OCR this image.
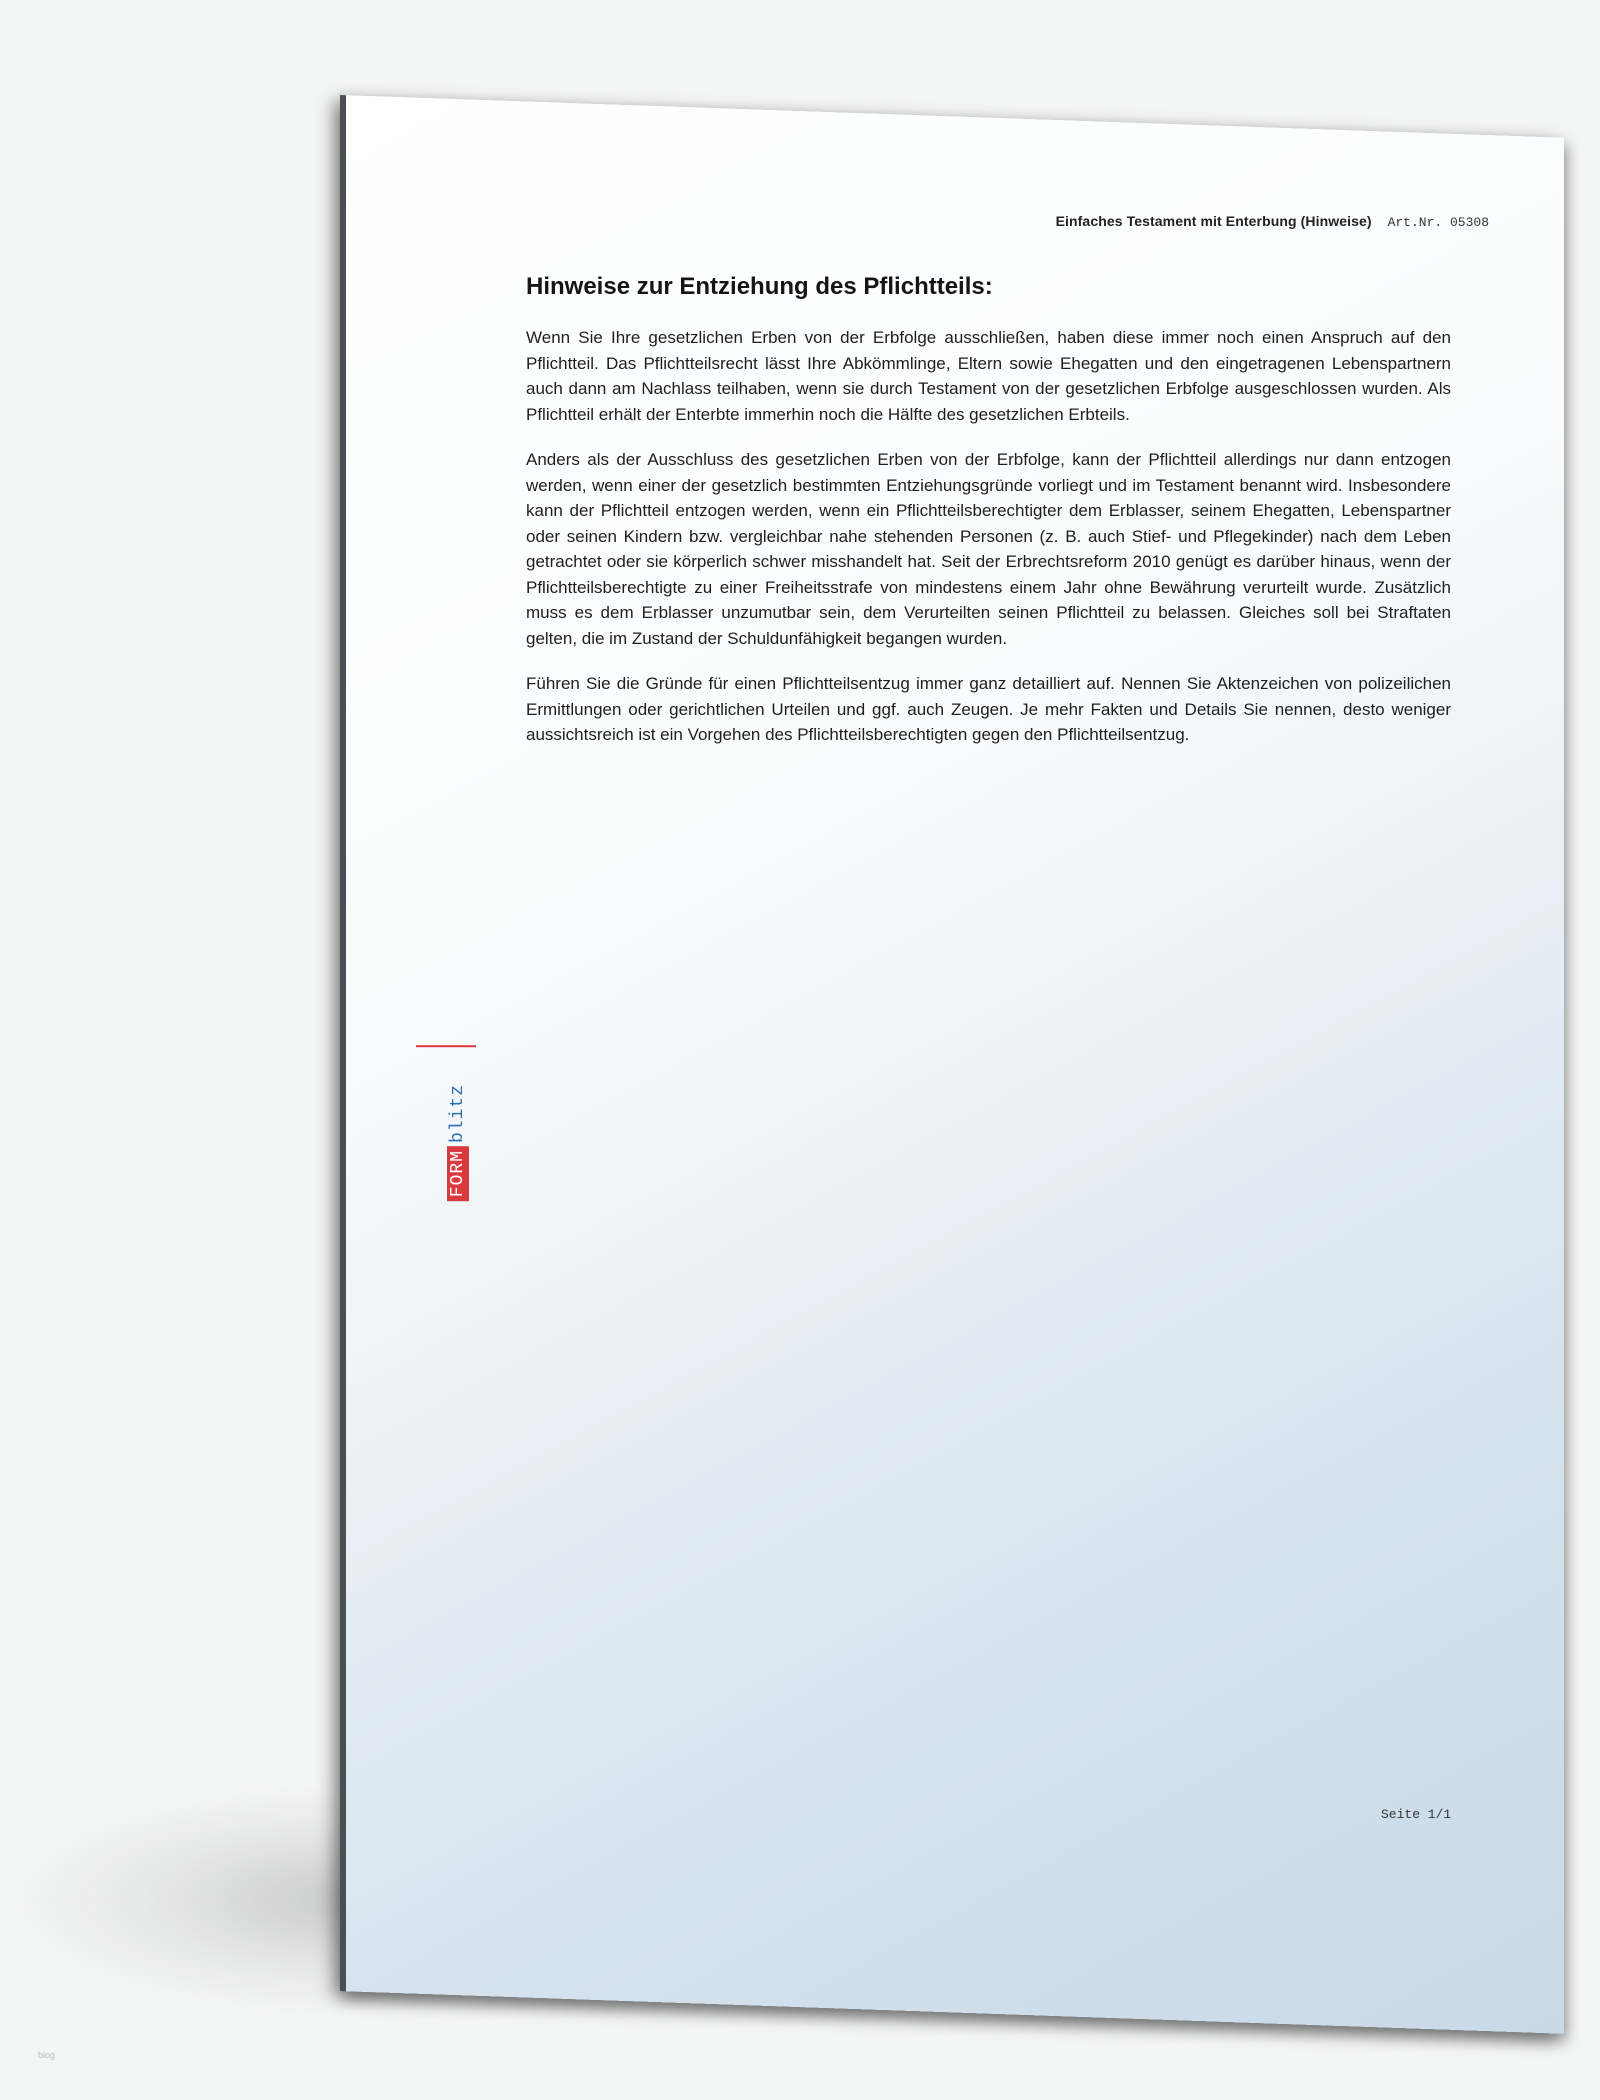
Einfaches Testament mit Enterbung (Hinweise) Art.Nr. 05308
Hinweise zur Entziehung des Pflichtteils:

Wenn Sie Ihre gesetzlichen Erben von der Erbfolge ausschließen, haben diese immer noch einen Anspruch auf den Pflichtteil. Das Pflichtteilsrecht lässt Ihre Abkömmlinge, Eltern sowie Ehegatten und den eingetragenen Lebenspartnern auch dann am Nachlass teilhaben, wenn sie durch Testament von der gesetzlichen Erbfolge ausgeschlossen wurden. Als Pflichtteil erhält der Enterbte immerhin noch die Hälfte des gesetzlichen Erbteils.

Anders als der Ausschluss des gesetzlichen Erben von der Erbfolge, kann der Pflichtteil allerdings nur dann entzogen werden, wenn einer der gesetzlich bestimmten Entziehungsgründe vorliegt und im Testament benannt wird. Insbesondere kann der Pflichtteil entzogen werden, wenn ein Pflichtteilsberechtigter dem Erblasser, seinem Ehegatten, Lebenspartner oder seinen Kindern bzw. vergleichbar nahe stehenden Personen (z. B. auch Stief- und Pflegekinder) nach dem Leben getrachtet oder sie körperlich schwer misshandelt hat. Seit der Erbrechtsreform 2010 genügt es darüber hinaus, wenn der Pflichtteilsberechtigte zu einer Freiheitsstrafe von mindestens einem Jahr ohne Bewährung verurteilt wurde. Zusätzlich muss es dem Erblasser unzumutbar sein, dem Verurteilten seinen Pflichtteil zu belassen. Gleiches soll bei Straftaten gelten, die im Zustand der Schuldunfähigkeit begangen wurden.

Führen Sie die Gründe für einen Pflichtteilsentzug immer ganz detailliert auf. Nennen Sie Aktenzeichen von polizeilichen Ermittlungen oder gerichtlichen Urteilen und ggf. auch Zeugen. Je mehr Fakten und Details Sie nennen, desto weniger aussichtsreich ist ein Vorgehen des Pflichtteilsberechtigten gegen den Pflichtteilsentzug.

FORM
blitz
Seite 1/1
blog
